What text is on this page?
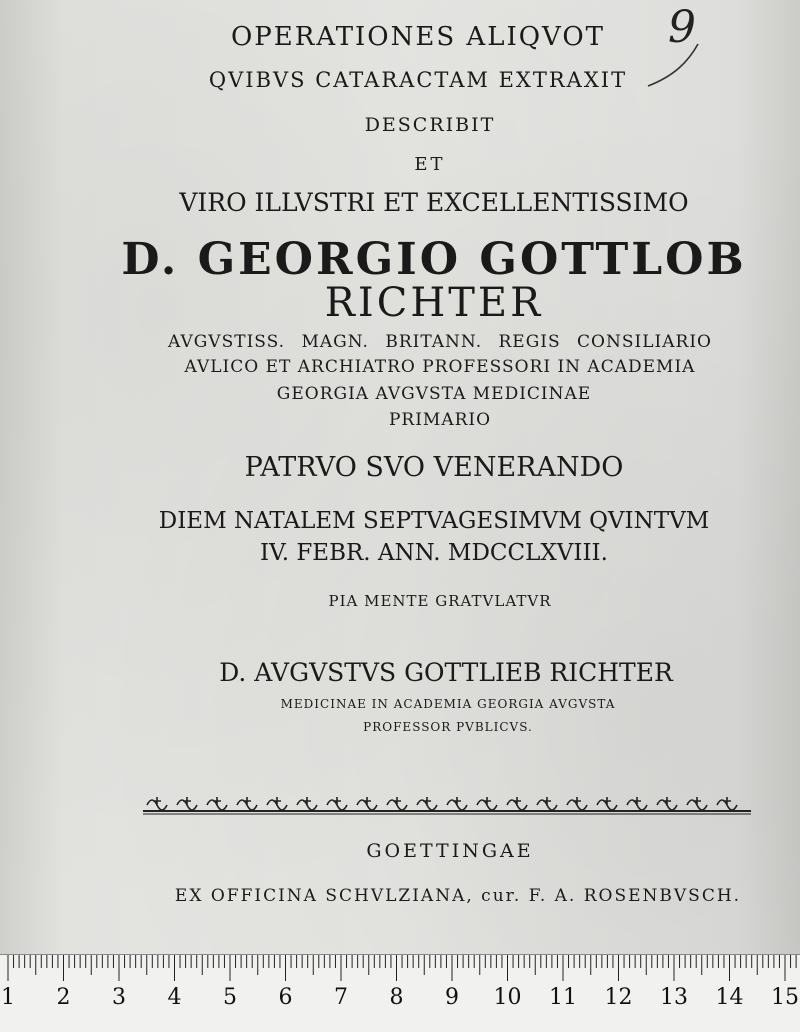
9
OPERATIONES ALIQVOT
QVIBVS CATARACTAM EXTRAXIT
DESCRIBIT
ET
VIRO ILLVSTRI ET EXCELLENTISSIMO
D. GEORGIO GOTTLOB
RICHTER
AVGVSTISS. MAGN. BRITANN. REGIS CONSILIARIO
AVLICO ET ARCHIATRO PROFESSORI IN ACADEMIA
GEORGIA AVGVSTA MEDICINAE
PRIMARIO
PATRVO SVO VENERANDO
DIEM NATALEM SEPTVAGESIMVM QVINTVM
IV. FEBR. ANN. MDCCLXVIII.
PIA MENTE GRATVLATVR
D. AVGVSTVS GOTTLIEB RICHTER
MEDICINAE IN ACADEMIA GEORGIA AVGVSTA
PROFESSOR PVBLICVS.
GOETTINGAE
EX OFFICINA SCHVLZIANA, cur. F. A. ROSENBVSCH.
1 2 3 4 5 6 7 8 9 10 11 12 13 14 15
